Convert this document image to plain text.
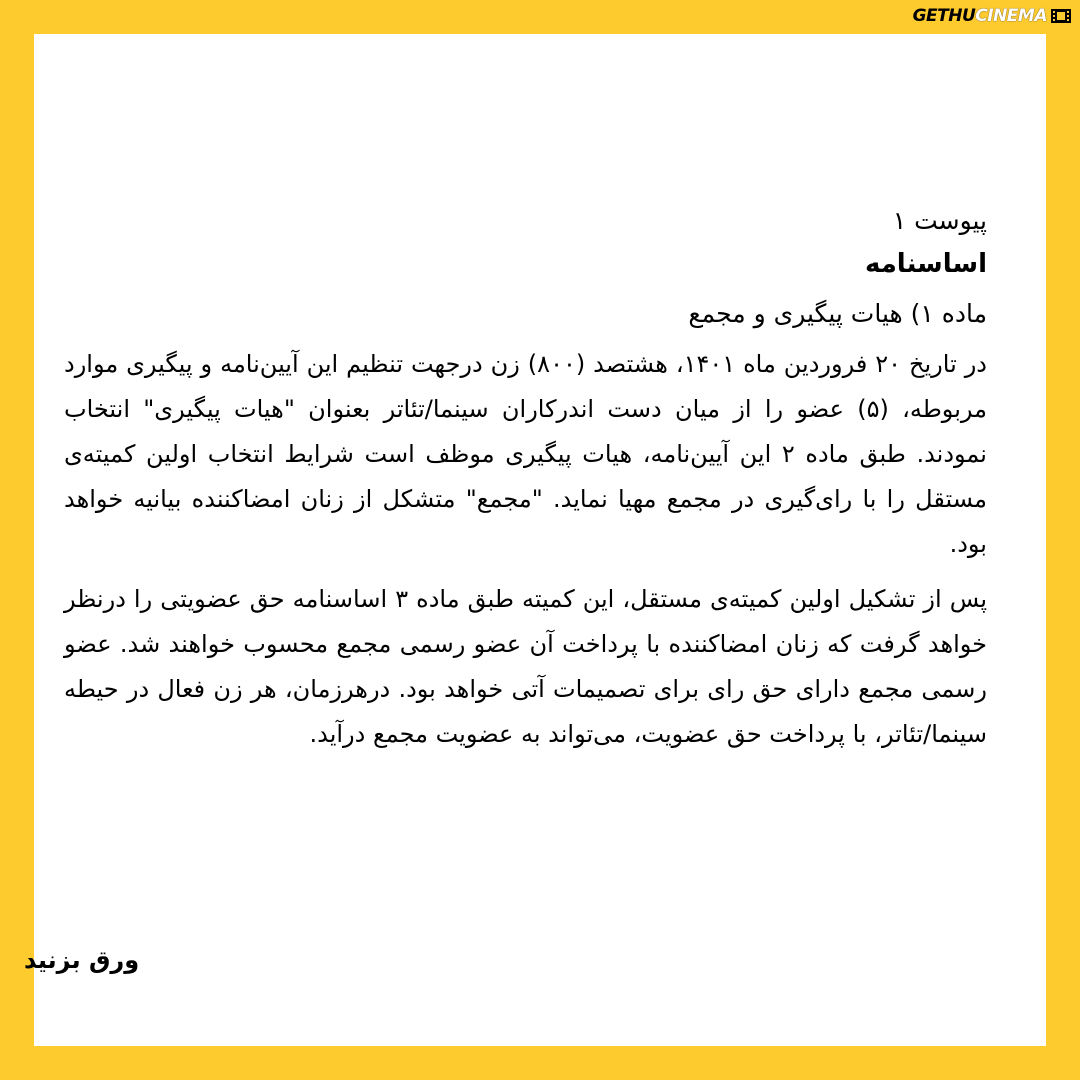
GETHUCINEMA

پیوست ۱

اساسنامه

ماده ۱) هیات پیگیری و مجمع

در تاریخ ۲۰ فروردین ماه ۱۴۰۱، هشتصد (۸۰۰) زن درجهت تنظیم این آیین‌نامه و پیگیری موارد مربوطه، (۵) عضو را از میان دست اندرکاران سینما/تئاتر بعنوان "هیات پیگیری" انتخاب نمودند. طبق ماده ۲ این آیین‌نامه، هیات پیگیری موظف است شرایط انتخاب اولین کمیته‌ی مستقل را با رای‌گیری در مجمع مهیا نماید. "مجمع" متشکل از زنان امضاکننده بیانیه خواهد بود.

پس از تشکیل اولین کمیته‌ی مستقل، این کمیته طبق ماده ۳ اساسنامه حق عضویتی را درنظر خواهد گرفت که زنان امضاکننده با پرداخت آن عضو رسمی مجمع محسوب خواهند شد. عضو رسمی مجمع دارای حق رای برای تصمیمات آتی خواهد بود. درهرزمان، هر زن فعال در حیطه سینما/تئاتر، با پرداخت حق عضویت، می‌تواند به عضویت مجمع درآید.

ورق بزنید
